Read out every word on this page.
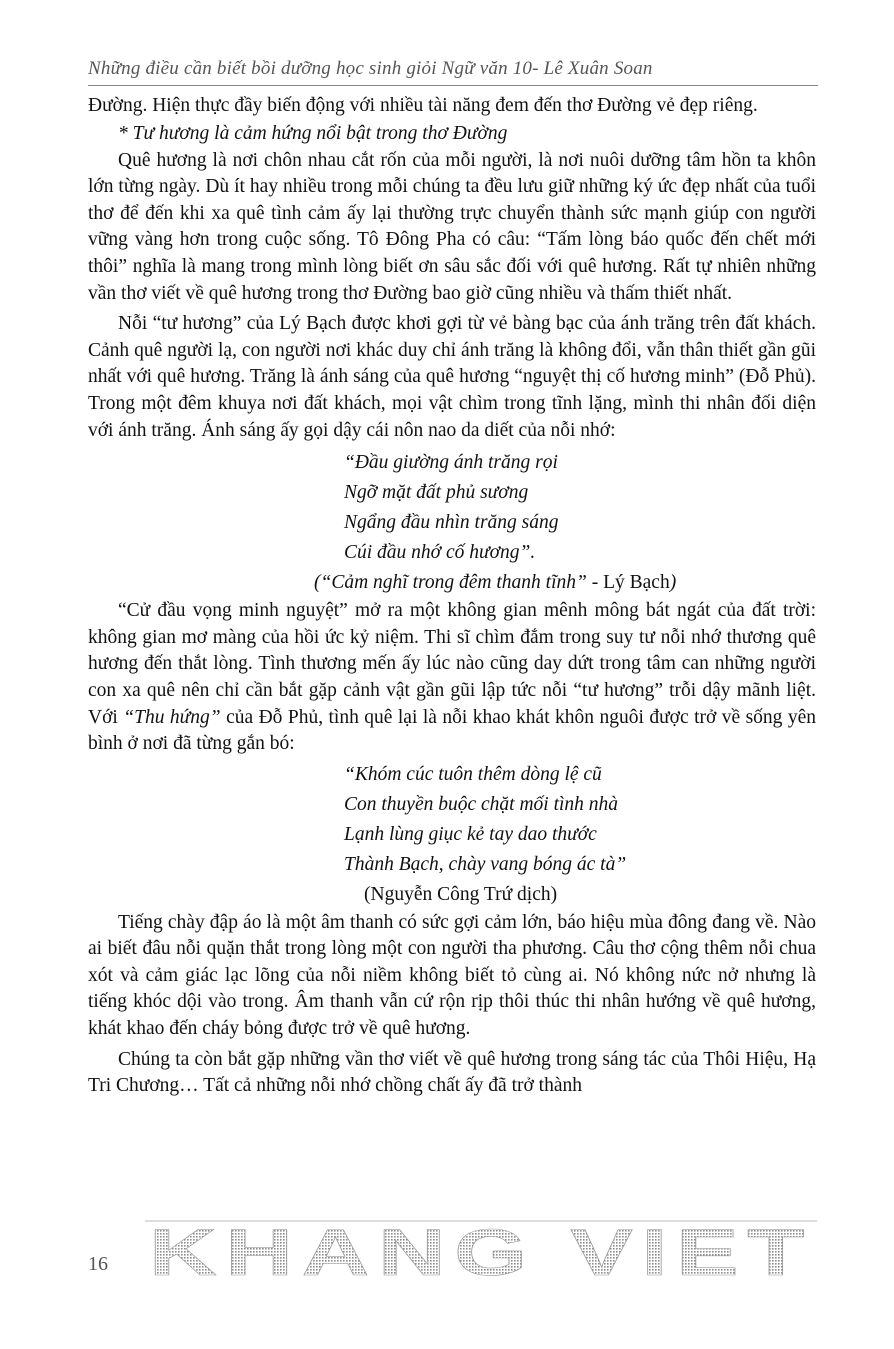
Những điều cần biết bồi dưỡng học sinh giỏi Ngữ văn 10- Lê Xuân Soan

Đường. Hiện thực đầy biến động với nhiều tài năng đem đến thơ Đường vẻ đẹp riêng.

* Tư hương là cảm hứng nổi bật trong thơ Đường

Quê hương là nơi chôn nhau cắt rốn của mỗi người, là nơi nuôi dưỡng tâm hồn ta khôn lớn từng ngày. Dù ít hay nhiều trong mỗi chúng ta đều lưu giữ những ký ức đẹp nhất của tuổi thơ để đến khi xa quê tình cảm ấy lại thường trực chuyển thành sức mạnh giúp con người vững vàng hơn trong cuộc sống. Tô Đông Pha có câu: “Tấm lòng báo quốc đến chết mới thôi” nghĩa là mang trong mình lòng biết ơn sâu sắc đối với quê hương. Rất tự nhiên những vần thơ viết về quê hương trong thơ Đường bao giờ cũng nhiều và thấm thiết nhất.

Nỗi “tư hương” của Lý Bạch được khơi gợi từ vẻ bàng bạc của ánh trăng trên đất khách. Cảnh quê người lạ, con người nơi khác duy chỉ ánh trăng là không đổi, vẫn thân thiết gần gũi nhất với quê hương. Trăng là ánh sáng của quê hương “nguyệt thị cố hương minh” (Đỗ Phủ). Trong một đêm khuya nơi đất khách, mọi vật chìm trong tĩnh lặng, mình thi nhân đối diện với ánh trăng. Ánh sáng ấy gọi dậy cái nôn nao da diết của nỗi nhớ:

“Đầu giường ánh trăng rọi
Ngỡ mặt đất phủ sương
Ngẩng đầu nhìn trăng sáng
Cúi đầu nhớ cố hương”.

(“Cảm nghĩ trong đêm thanh tĩnh” - Lý Bạch)

“Cử đầu vọng minh nguyệt” mở ra một không gian mênh mông bát ngát của đất trời: không gian mơ màng của hồi ức kỷ niệm. Thi sĩ chìm đắm trong suy tư nỗi nhớ thương quê hương đến thắt lòng. Tình thương mến ấy lúc nào cũng day dứt trong tâm can những người con xa quê nên chỉ cần bắt gặp cảnh vật gần gũi lập tức nỗi “tư hương” trỗi dậy mãnh liệt. Với “Thu hứng” của Đỗ Phủ, tình quê lại là nỗi khao khát khôn nguôi được trở về sống yên bình ở nơi đã từng gắn bó:

“Khóm cúc tuôn thêm dòng lệ cũ
Con thuyền buộc chặt mối tình nhà
Lạnh lùng giục kẻ tay dao thước
Thành Bạch, chày vang bóng ác tà”

(Nguyễn Công Trứ dịch)

Tiếng chày đập áo là một âm thanh có sức gợi cảm lớn, báo hiệu mùa đông đang về. Nào ai biết đâu nỗi quặn thắt trong lòng một con người tha phương. Câu thơ cộng thêm nỗi chua xót và cảm giác lạc lõng của nỗi niềm không biết tỏ cùng ai. Nó không nức nở nhưng là tiếng khóc dội vào trong. Âm thanh vẫn cứ rộn rịp thôi thúc thi nhân hướng về quê hương, khát khao đến cháy bỏng được trở về quê hương.

Chúng ta còn bắt gặp những vần thơ viết về quê hương trong sáng tác của Thôi Hiệu, Hạ Tri Chương… Tất cả những nỗi nhớ chồng chất ấy đã trở thành

16 KHANG VIET
